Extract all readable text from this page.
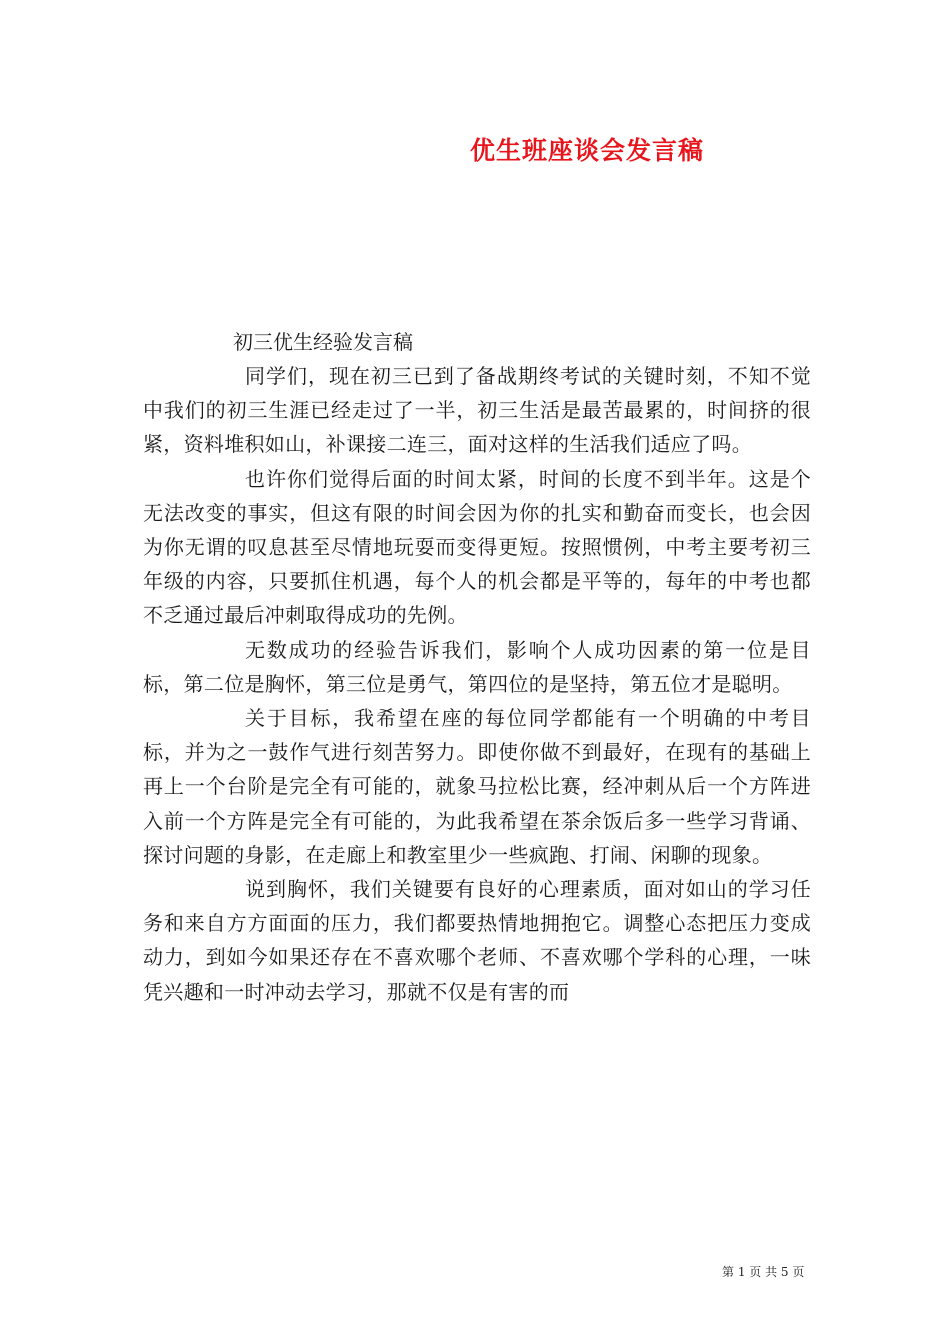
优生班座谈会发言稿
初三优生经验发言稿

同学们，现在初三已到了备战期终考试的关键时刻，不知不觉中我们的初三生涯已经走过了一半，初三生活是最苦最累的，时间挤的很紧，资料堆积如山，补课接二连三，面对这样的生活我们适应了吗。

也许你们觉得后面的时间太紧，时间的长度不到半年。这是个无法改变的事实，但这有限的时间会因为你的扎实和勤奋而变长，也会因为你无谓的叹息甚至尽情地玩耍而变得更短。按照惯例，中考主要考初三年级的内容，只要抓住机遇，每个人的机会都是平等的，每年的中考也都不乏通过最后冲刺取得成功的先例。

无数成功的经验告诉我们，影响个人成功因素的第一位是目标，第二位是胸怀，第三位是勇气，第四位的是坚持，第五位才是聪明。

关于目标，我希望在座的每位同学都能有一个明确的中考目标，并为之一鼓作气进行刻苦努力。即使你做不到最好，在现有的基础上再上一个台阶是完全有可能的，就象马拉松比赛，经冲刺从后一个方阵进入前一个方阵是完全有可能的，为此我希望在茶余饭后多一些学习背诵、探讨问题的身影，在走廊上和教室里少一些疯跑、打闹、闲聊的现象。

说到胸怀，我们关键要有良好的心理素质，面对如山的学习任务和来自方方面面的压力，我们都要热情地拥抱它。调整心态把压力变成动力，到如今如果还存在不喜欢哪个老师、不喜欢哪个学科的心理，一味凭兴趣和一时冲动去学习，那就不仅是有害的而

第 1 页 共 5 页
